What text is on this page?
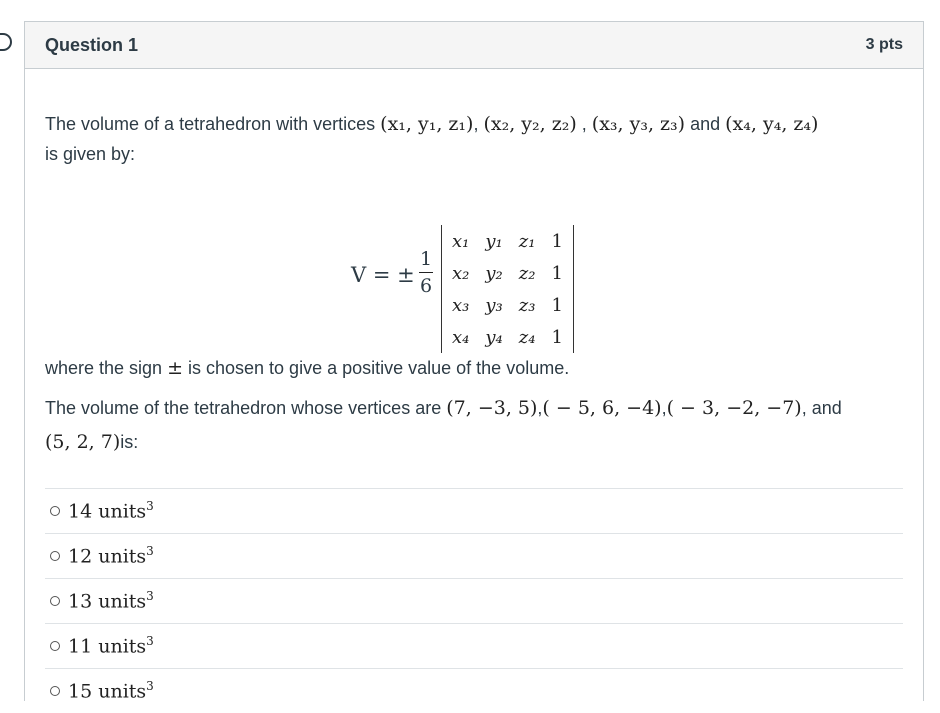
Question 1	3 pts
The volume of a tetrahedron with vertices (x₁, y₁, z₁), (x₂, y₂, z₂) , (x₃, y₃, z₃) and (x₄, y₄, z₄)
is given by:
V = ±
1
6
x₁	y₁	z₁	1
x₂	y₂	z₂	1
x₃	y₃	z₃	1
x₄	y₄	z₄	1
where the sign ± is chosen to give a positive value of the volume.
The volume of the tetrahedron whose vertices are
(7, −3, 5) , ( − 5, 6, −4) , ( − 3, −2, −7) , and
(5, 2, 7) is:
14 units$^3$
12 units$^3$
13 units$^3$
11 units$^3$
15 units$^3$
